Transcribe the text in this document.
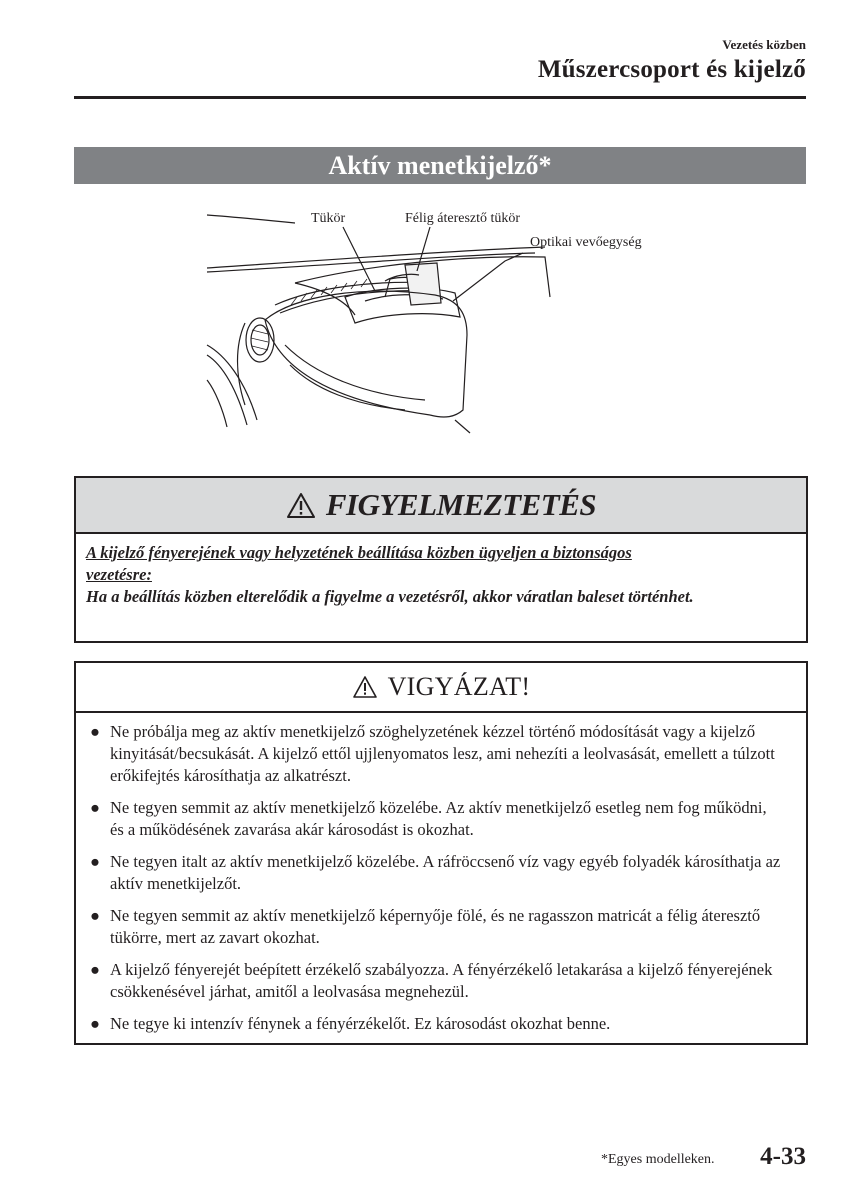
Vezetés közben
Műszercsoport és kijelző
Aktív menetkijelző*
Tükör	Félig áteresztő tükör
Optikai vevőegység
FIGYELMEZTETÉS
A kijelző fényerejének vagy helyzetének beállítása közben ügyeljen a biztonságos
vezetésre:
Ha a beállítás közben elterelődik a figyelme a vezetésről, akkor váratlan baleset történhet.
VIGYÁZAT!
● Ne próbálja meg az aktív menetkijelző szöghelyzetének kézzel történő módosítását vagy a kijelző kinyitását/becsukását. A kijelző ettől ujjlenyomatos lesz, ami nehezíti a leolvasását, emellett a túlzott erőkifejtés károsíthatja az alkatrészt.
● Ne tegyen semmit az aktív menetkijelző közelébe. Az aktív menetkijelző esetleg nem fog működni, és a működésének zavarása akár károsodást is okozhat.
● Ne tegyen italt az aktív menetkijelző közelébe. A ráfröccsenő víz vagy egyéb folyadék károsíthatja az aktív menetkijelzőt.
● Ne tegyen semmit az aktív menetkijelző képernyője fölé, és ne ragasszon matricát a félig áteresztő tükörre, mert az zavart okozhat.
● A kijelző fényerejét beépített érzékelő szabályozza. A fényérzékelő letakarása a kijelző fényerejének csökkenésével járhat, amitől a leolvasása megnehezül.
● Ne tegye ki intenzív fénynek a fényérzékelőt. Ez károsodást okozhat benne.
*Egyes modelleken. 4-33
